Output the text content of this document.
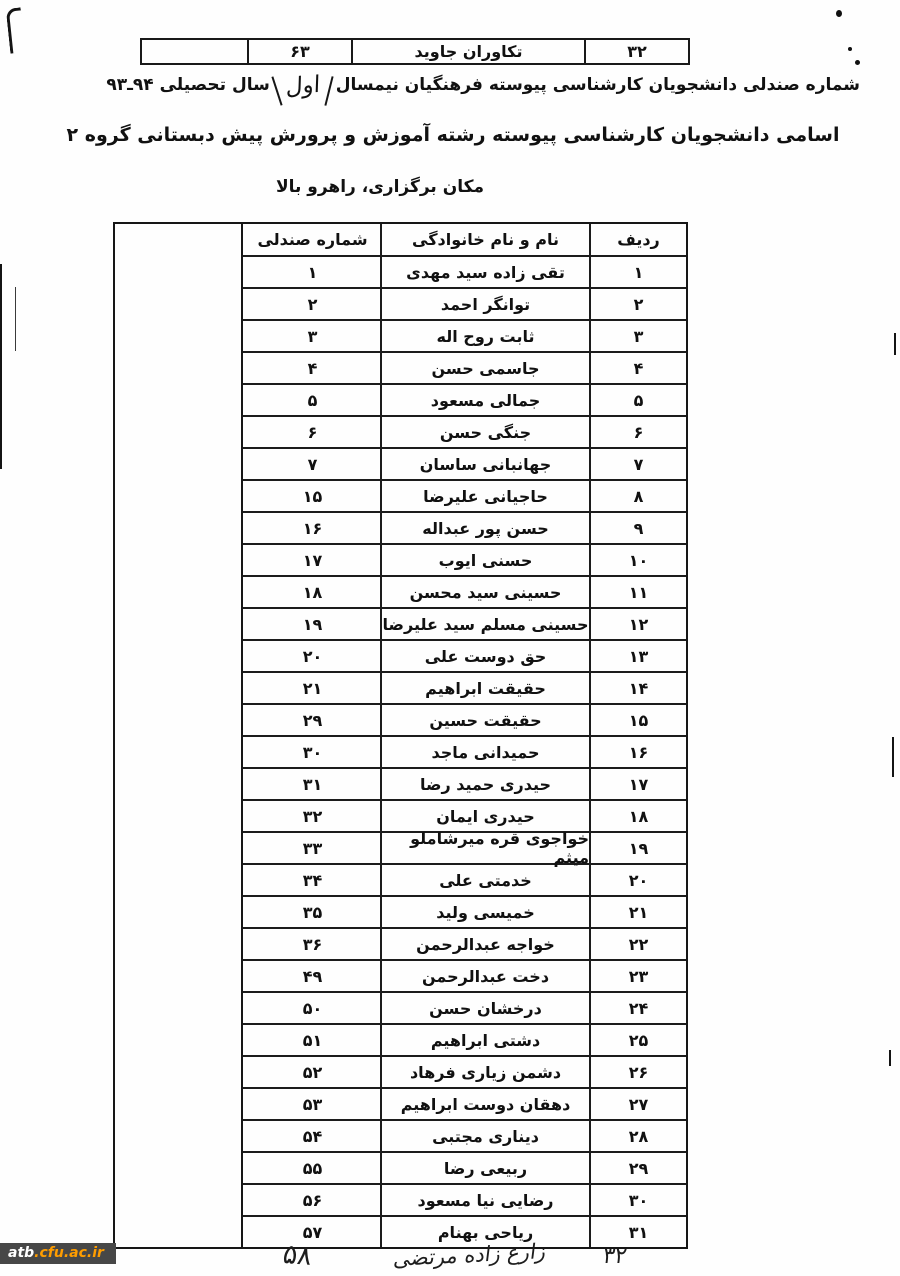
۳۲
تکاوران جاوید
۶۳
شماره صندلی دانشجویان کارشناسی پیوسته فرهنگیان نیمسال  اول  سال تحصیلی ۹۳ـ۹۴
اسامی دانشجویان کارشناسی پیوسته رشته آموزش و پرورش پیش دبستانی گروه ۲
مکان برگزاری، راهرو بالا
ردیف
نام و نام خانوادگی
شماره صندلی
۱
تقی زاده سید مهدی
۱
۲
توانگر احمد
۲
۳
ثابت روح اله
۳
۴
جاسمی حسن
۴
۵
جمالی مسعود
۵
۶
جنگی حسن
۶
۷
جهانبانی ساسان
۷
۸
حاجیانی علیرضا
۱۵
۹
حسن پور عبداله
۱۶
۱۰
حسنی ایوب
۱۷
۱۱
حسینی سید محسن
۱۸
۱۲
حسینی مسلم سید علیرضا
۱۹
۱۳
حق دوست علی
۲۰
۱۴
حقیقت ابراهیم
۲۱
۱۵
حقیقت حسین
۲۹
۱۶
حمیدانی ماجد
۳۰
۱۷
حیدری حمید رضا
۳۱
۱۸
حیدری ایمان
۳۲
۱۹
خواجوی قره میرشاملو میثم
۳۳
۲۰
خدمتی علی
۳۴
۲۱
خمیسی ولید
۳۵
۲۲
خواجه عبدالرحمن
۳۶
۲۳
دخت عبدالرحمن
۴۹
۲۴
درخشان حسن
۵۰
۲۵
دشتی ابراهیم
۵۱
۲۶
دشمن زیاری فرهاد
۵۲
۲۷
دهقان دوست ابراهیم
۵۳
۲۸
دیناری مجتبی
۵۴
۲۹
ربیعی رضا
۵۵
۳۰
رضایی نیا مسعود
۵۶
۳۱
ریاحی بهنام
۵۷
۵۸	زارع زاده مرتضی	۳۲
atb.cfu.ac.ir
